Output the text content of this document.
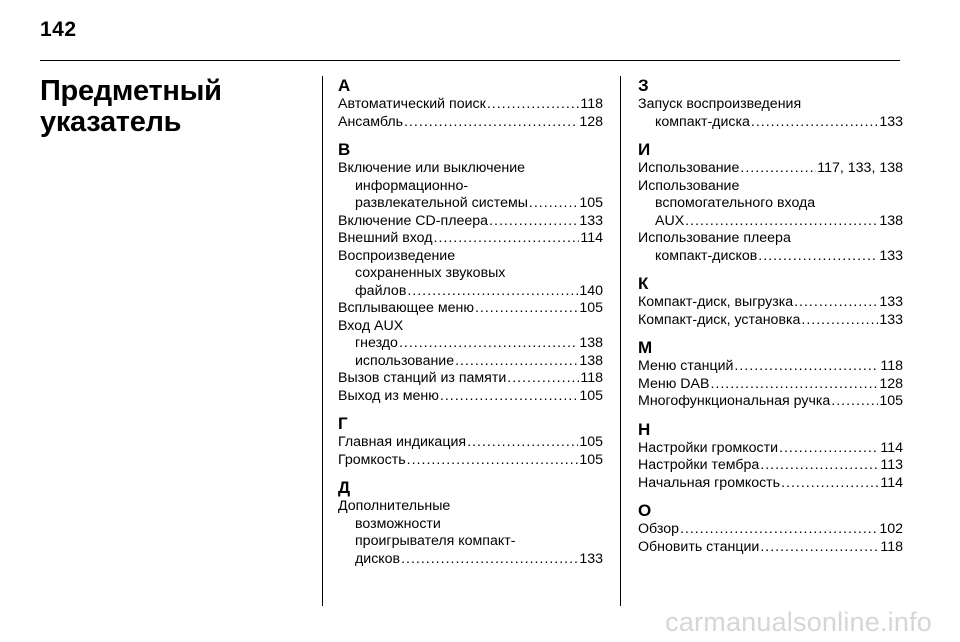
142
Предметный
указатель
А
Автоматический поиск .....	118
Ансамбль .....	128
В
Включение или выключение
информационно-
развлекательной системы .....	105
Включение CD-плеера .....	133
Внешний вход .....	114
Воспроизведение
сохраненных звуковых
файлов .....	140
Всплывающее меню .....	105
Вход AUX
гнездо .....	138
использование .....	138
Вызов станций из памяти .....	118
Выход из меню .....	105
Г
Главная индикация .....	105
Громкость .....	105
Д
Дополнительные
возможности
проигрывателя компакт-
дисков .....	133
З
Запуск воспроизведения
компакт-диска .....	133
И
Использование .....	117, 133, 138
Использование
вспомогательного входа
AUX .....	138
Использование плеера
компакт-дисков .....	133
К
Компакт-диск, выгрузка .....	133
Компакт-диск, установка .....	133
М
Меню станций .....	118
Меню DAB .....	128
Многофункциональная ручка .....	105
Н
Настройки громкости .....	114
Настройки тембра .....	113
Начальная громкость .....	114
О
Обзор .....	102
Обновить станции .....	118
carmanualsonline.info
